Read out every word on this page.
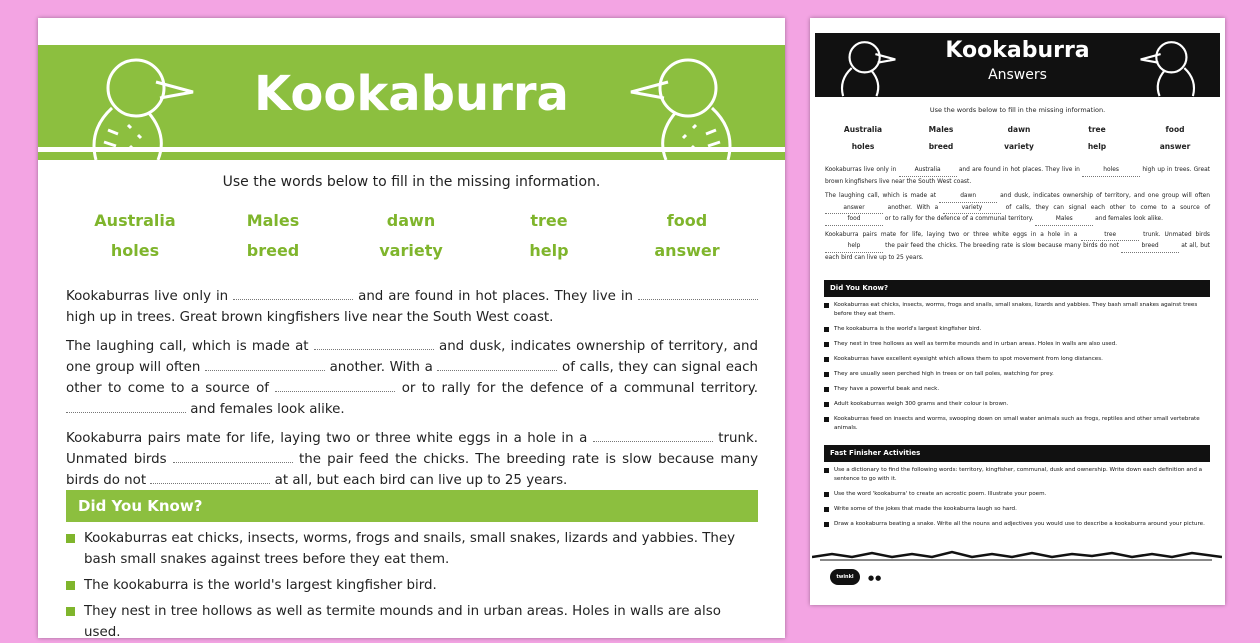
Kookaburra
Use the words below to fill in the missing information.
Australia	Males	dawn	tree	food
holes	breed	variety	help	answer

Kookaburras live only in	and are found in hot places. They live in  high up in trees. Great brown kingfishers live near the South West coast.

The laughing call, which is made at	and dusk, indicates ownership of territory, and one group will often	another. With a	of calls, they can signal each other to come to a source of	or to rally for the defence of a communal territory.  and females look alike.

Kookaburra pairs mate for life, laying two or three white eggs in a hole in a	trunk. Unmated birds	the pair feed the chicks. The breeding rate is slow because many birds do not	at all, but each bird can live up to 25 years.

Did You Know?
Kookaburras eat chicks, insects, worms, frogs and snails, small snakes, lizards and yabbies. They bash small snakes against trees before they eat them.
The kookaburra is the world's largest kingfisher bird.
They nest in tree hollows as well as termite mounds and in urban areas. Holes in walls are also used.
Kookaburra
Answers
Use the words below to fill in the missing information.
Australia	Males	dawn	tree	food
holes	breed	variety	help	answer

Kookaburras live only in	Australia	and are found in hot places. They live in	holes	high up in trees. Great brown kingfishers live near the South West coast.

The laughing call, which is made at	dawn	and dusk, indicates ownership of territory, and one group will often answer	another. With a	variety	of calls, they can signal each other to come to a source of food	or to rally for the defence of a communal territory.	Males	and females look alike.

Kookaburra pairs mate for life, laying two or three white eggs in a hole in a	tree	trunk. Unmated birds help	the pair feed the chicks. The breeding rate is slow because many birds do not	breed	at all, but each bird can live up to 25 years.

Did You Know?
Kookaburras eat chicks, insects, worms, frogs and snails, small snakes, lizards and yabbies. They bash small snakes against trees before they eat them.
The kookaburra is the world's largest kingfisher bird.
They nest in tree hollows as well as termite mounds and in urban areas. Holes in walls are also used.
Kookaburras have excellent eyesight which allows them to spot movement from long distances.
They are usually seen perched high in trees or on tall poles, watching for prey.
They have a powerful beak and neck.
Adult kookaburras weigh 300 grams and their colour is brown.
Kookaburras feed on insects and worms, swooping down on small water animals such as frogs, reptiles and other small vertebrate animals.
Fast Finisher Activities
Use a dictionary to find the following words: territory, kingfisher, communal, dusk and ownership. Write down each definition and a sentence to go with it.
Use the word 'kookaburra' to create an acrostic poem. Illustrate your poem.
Write some of the jokes that made the kookaburra laugh so hard.
Draw a kookaburra beating a snake. Write all the nouns and adjectives you would use to describe a kookaburra around your picture.
twinkl	●●
